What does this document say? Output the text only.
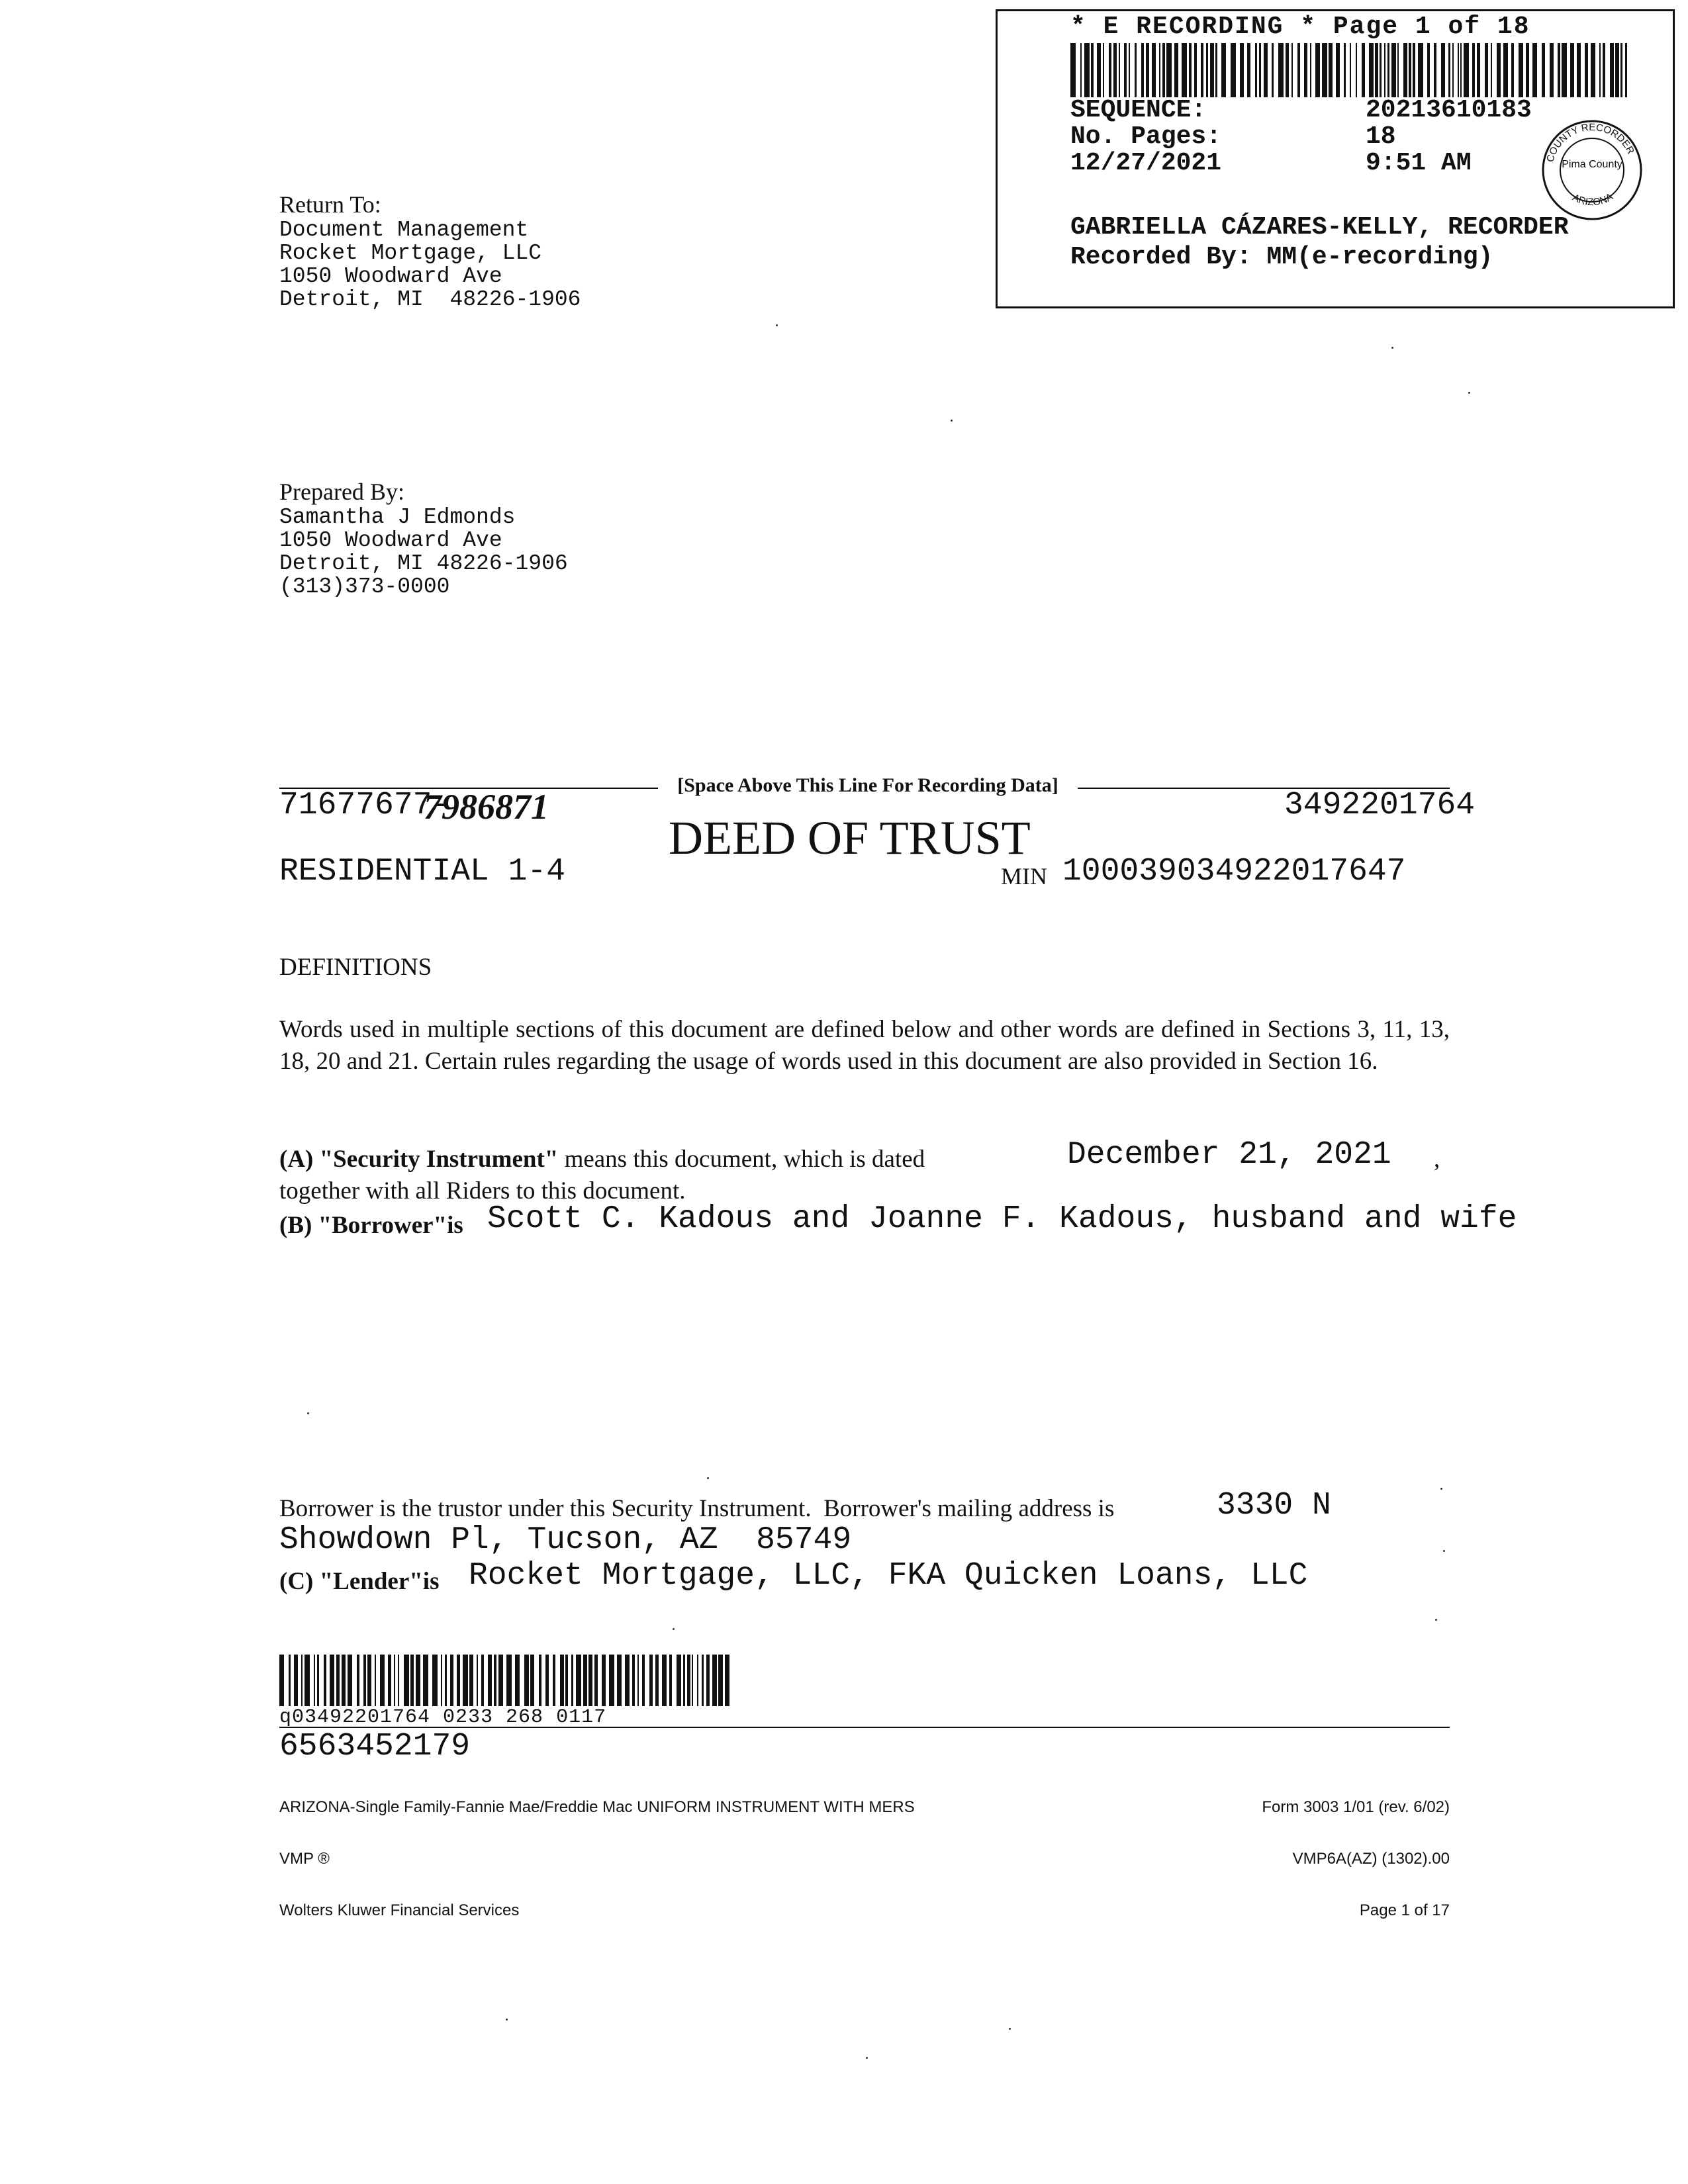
* E RECORDING * Page 1 of 18
SEQUENCE:	20213610183
No. Pages:	18
12/27/2021	9:51 AM	COUNTY RECORDER
Pima County
ARIZONA
GABRIELLA CÁZARES-KELLY, RECORDER
Recorded By: MM(e-recording)
Return To:
Document Management
Rocket Mortgage, LLC
1050 Woodward Ave
Detroit, MI  48226-1906
Prepared By:
Samantha J Edmonds
1050 Woodward Ave
Detroit, MI 48226-1906
(313)373-0000
[Space Above This Line For Recording Data]
71677677-
7986871	3492201764
DEED OF TRUST
RESIDENTIAL 1-4	MIN 100039034922017647
DEFINITIONS
Words used in multiple sections of this document are defined below and other words are defined in Sections 3, 11, 13, 18, 20 and 21. Certain rules regarding the usage of words used in this document are also provided in Section 16.
(A) "Security Instrument" means this document, which is dated	December 21, 2021 ,
together with all Riders to this document.
(B) "Borrower"is Scott C. Kadous and Joanne F. Kadous, husband and wife
Borrower is the trustor under this Security Instrument.  Borrower's mailing address is	3330 N
Showdown Pl, Tucson, AZ  85749
(C) "Lender"is Rocket Mortgage, LLC, FKA Quicken Loans, LLC
q03492201764 0233 268 0117
6563452179

ARIZONA-Single Family-Fannie Mae/Freddie Mac UNIFORM INSTRUMENT WITH MERS

VMP ®

Wolters Kluwer Financial Services

Form 3003 1/01 (rev. 6/02)

VMP6A(AZ) (1302).00

Page 1 of 17
